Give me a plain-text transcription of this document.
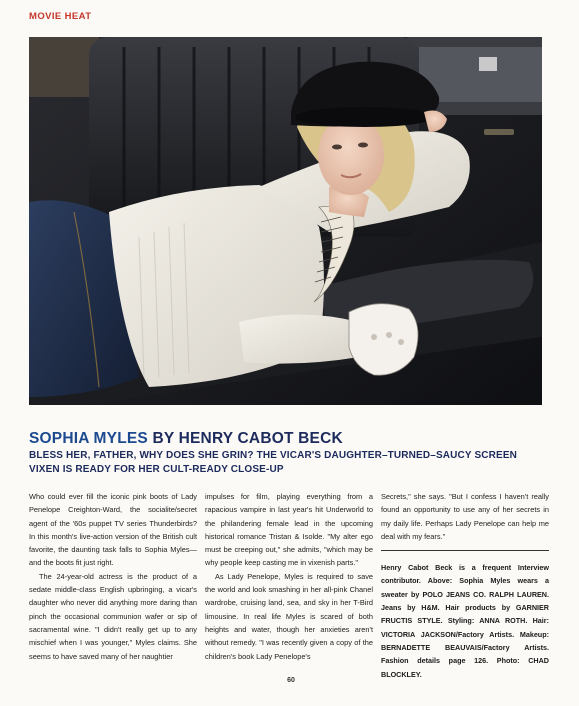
MOVIE HEAT
SOPHIA MYLES BY HENRY CABOT BECK
BLESS HER, FATHER, WHY DOES SHE GRIN? THE VICAR'S DAUGHTER–TURNED–SAUCY SCREEN VIXEN IS READY FOR HER CULT-READY CLOSE-UP

Who could ever fill the iconic pink boots of Lady Penelope Creighton-Ward, the socialite/secret agent of the '60s puppet TV series Thunderbirds? In this month's live-action version of the British cult favorite, the daunting task falls to Sophia Myles—and the boots fit just right.

The 24-year-old actress is the product of a sedate middle-class English upbringing, a vicar's daughter who never did anything more daring than pinch the occasional communion wafer or sip of sacramental wine. "I didn't really get up to any mischief when I was younger," Myles claims. She seems to have saved many of her naughtier

impulses for film, playing everything from a rapacious vampire in last year's hit Underworld to the philandering female lead in the upcoming historical romance Tristan & Isolde. "My alter ego must be creeping out," she admits, "which may be why people keep casting me in vixenish parts."

As Lady Penelope, Myles is required to save the world and look smashing in her all-pink Chanel wardrobe, cruising land, sea, and sky in her T-Bird limousine. In real life Myles is scared of both heights and water, though her anxieties aren't without remedy. "I was recently given a copy of the children's book Lady Penelope's

Secrets," she says. "But I confess I haven't really found an opportunity to use any of her secrets in my daily life. Perhaps Lady Penelope can help me deal with my fears."

Henry Cabot Beck is a frequent Interview contributor. Above: Sophia Myles wears a sweater by POLO JEANS CO. RALPH LAUREN. Jeans by H&M. Hair products by GARNIER FRUCTIS STYLE. Styling: ANNA ROTH. Hair: VICTORIA JACKSON/Factory Artists. Makeup: BERNADETTE BEAUVAIS/Factory Artists. Fashion details page 126. Photo: CHAD BLOCKLEY.
60
